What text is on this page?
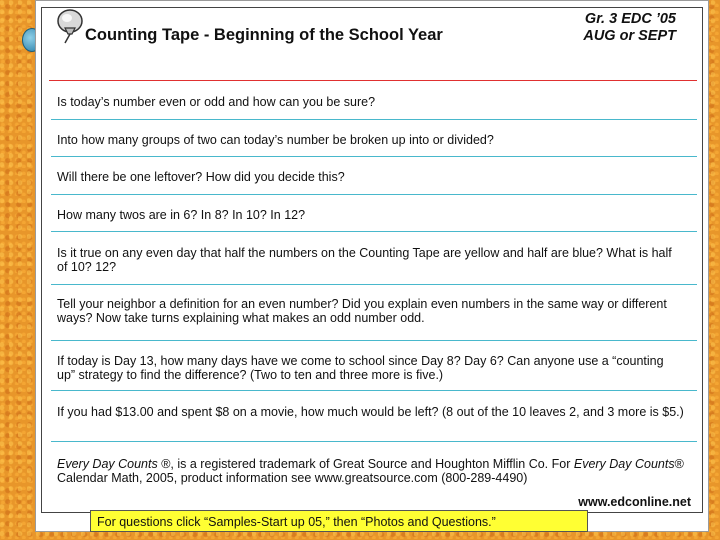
Counting Tape - Beginning of the School Year
Gr. 3 EDC ’05
AUG or SEPT
Is today’s number even or odd and how can you be sure?
Into how many groups of two can today’s number be broken up into or divided?
Will there be one leftover? How did you decide this?
How many twos are in 6? In 8? In 10? In 12?
Is it true on any even day that half the numbers on the Counting Tape are yellow and half are blue? What is half of 10? 12?
Tell your neighbor a definition for an even number? Did you explain even numbers in the same way or different ways? Now take turns explaining what makes an odd number odd.
If today is Day 13, how many days have we come to school since Day 8? Day 6? Can anyone use a “counting up” strategy to find the difference? (Two to ten and three more is five.)
If you had $13.00 and spent $8 on a movie, how much would be left? (8 out of the 10 leaves 2, and 3 more is $5.)
Every Day Counts ®, is a registered trademark of Great Source and Houghton Mifflin Co. For Every Day Counts® Calendar Math, 2005, product information see www.greatsource.com (800-289-4490)
www.edconline.net
For questions click “Samples-Start up 05,” then “Photos and Questions.”
